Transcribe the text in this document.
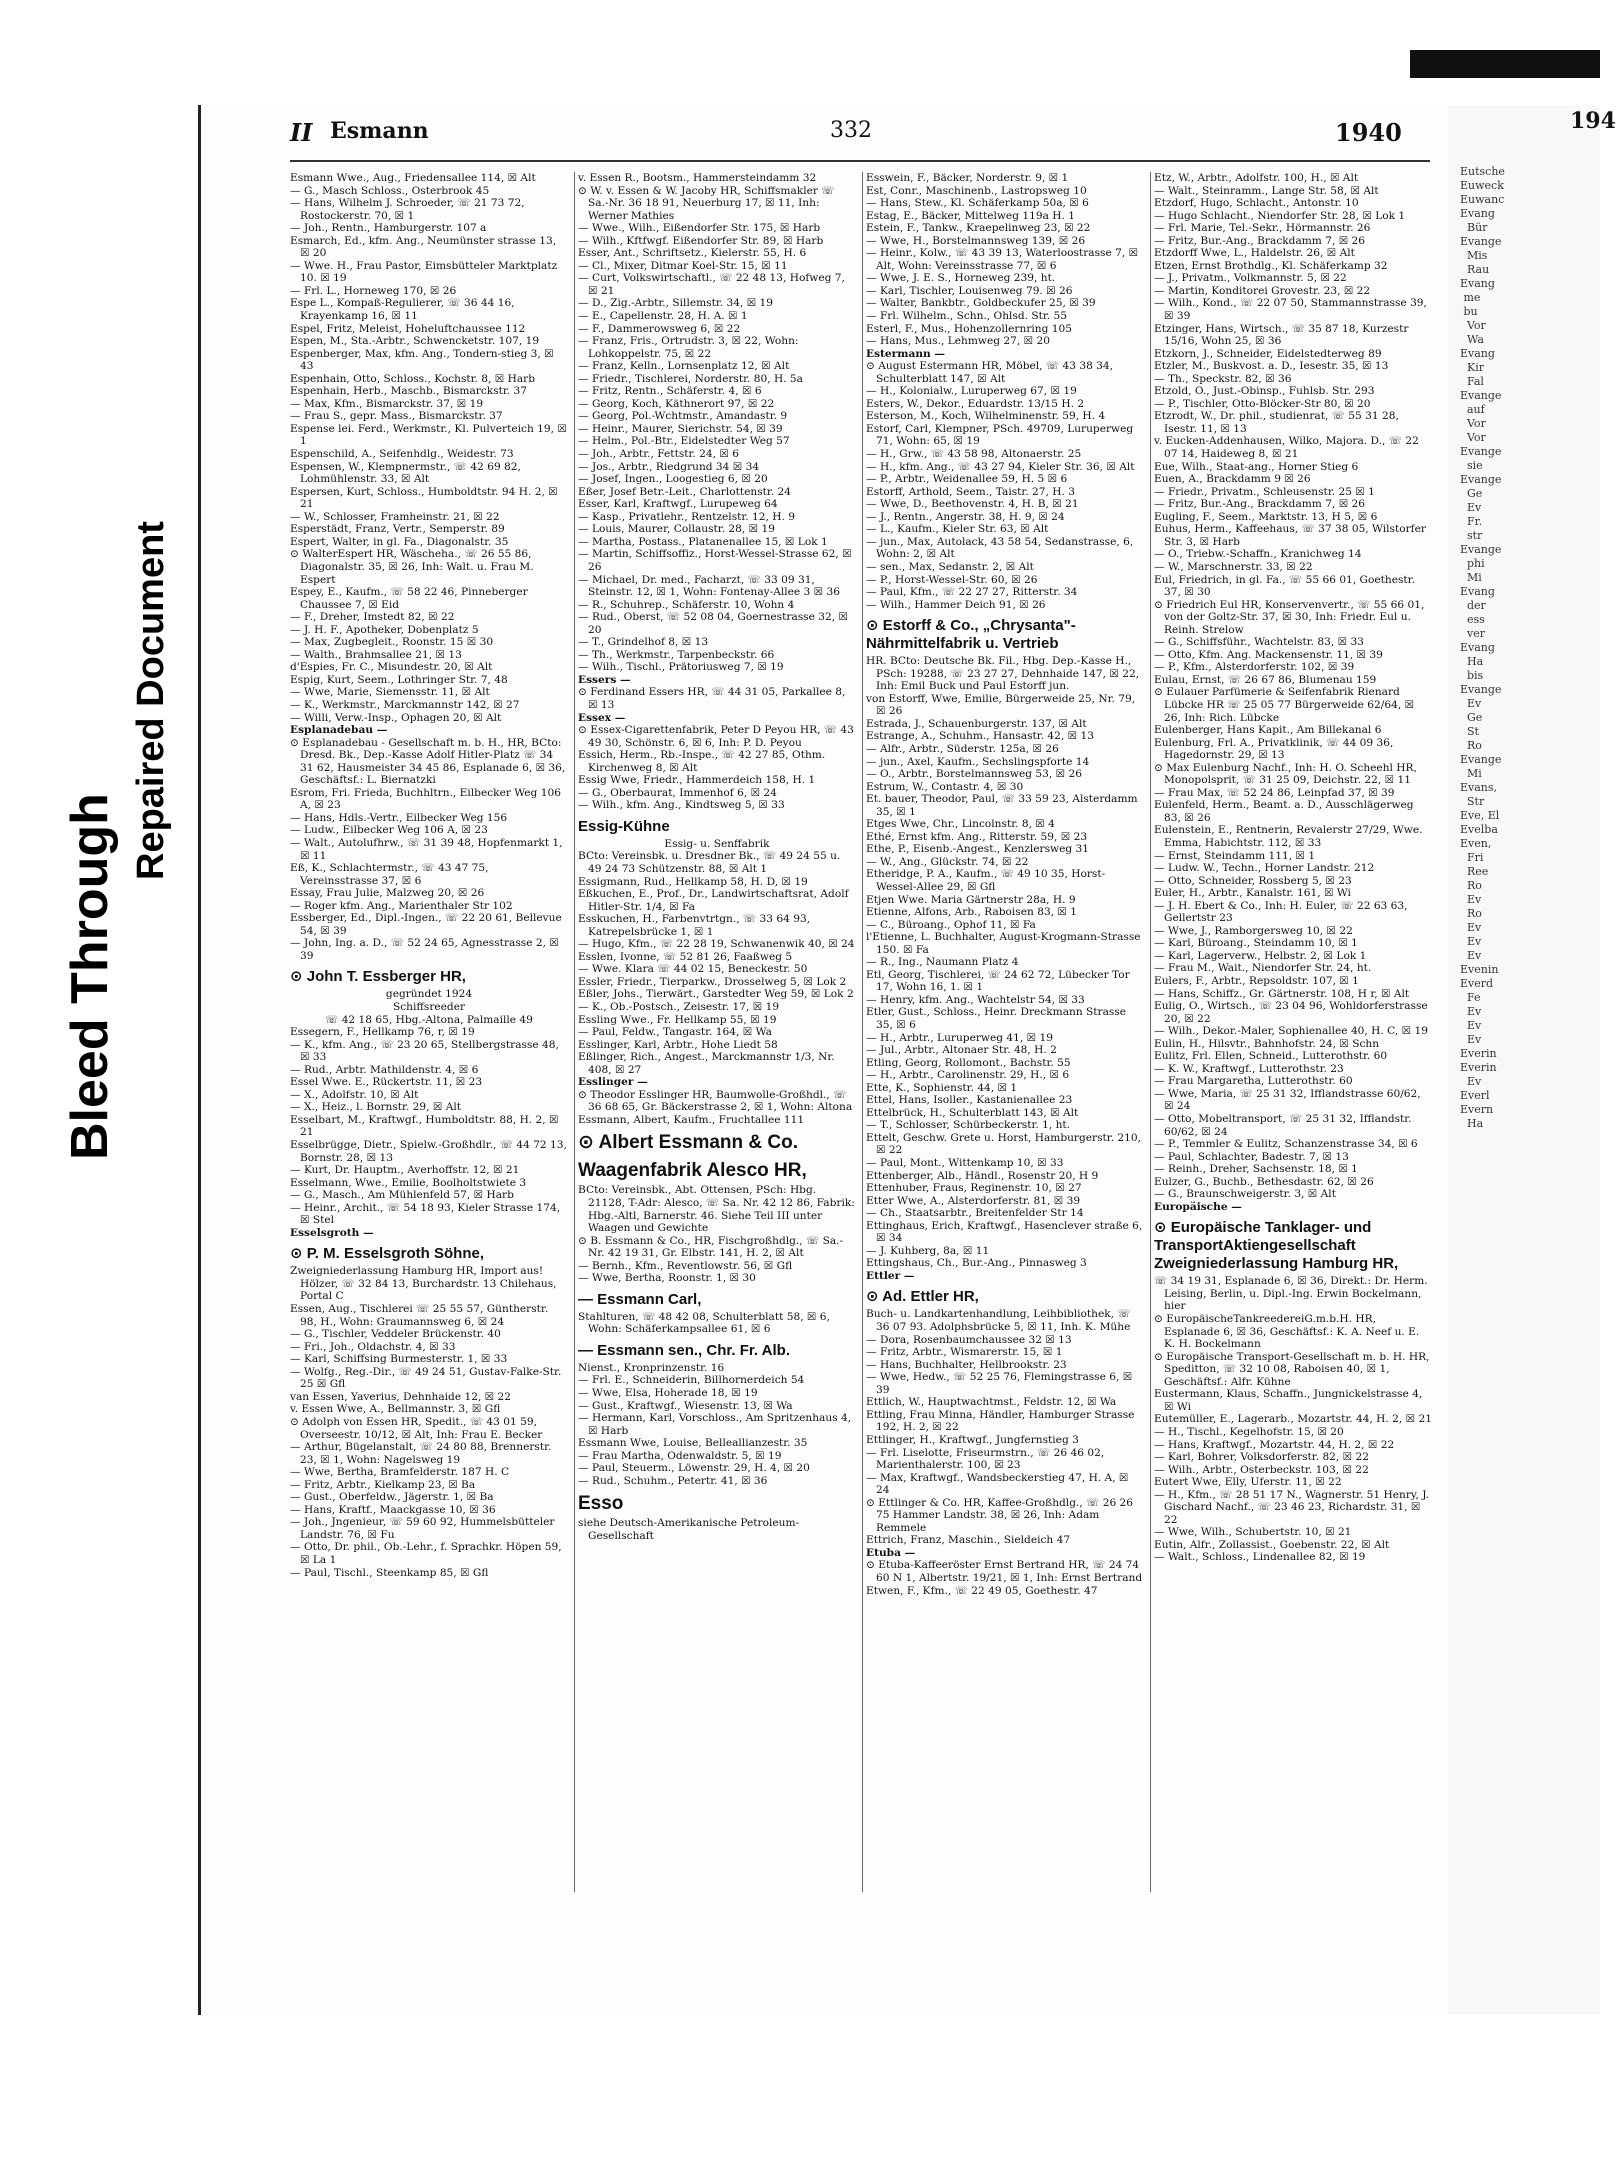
Bleed Through
Repaired Document
Eutsche
Euweck
Euwanc
Evang
Bür
Evange
Mis
Rau
Evang
me
bu
Vor
Wa
Evang
Kir
Fal
Evange
auf
Vor
Vor
Evange
sie
Evange
Ge
Ev
Fr.
str
Evange
phi
Mi
Evang
der
ess
ver
Evang
Ha
bis
Evange
Ev
Ge
St
Ro
Evange
Mi
Evans,
Str
Eve, El
Evelba
Even,
Fri
Ree
Ro
Ev
Ro
Ev
Ev
Ev
Evenin
Everd
Fe
Ev
Ev
Ev
Everin
Everin
Ev
Everl
Evern
Ha
194
II Esmann	332	1940
Esmann Wwe., Aug., Friedensallee 114, ☒ Alt
— G., Masch Schloss., Osterbrook 45
— Hans, Wilhelm J. Schroeder, ☏ 21 73 72, Rostockerstr. 70, ☒ 1
— Joh., Rentn., Hamburgerstr. 107 a
Esmarch, Ed., kfm. Ang., Neumünster strasse 13, ☒ 20
— Wwe. H., Frau Pastor, Eimsbütteler Marktplatz 10. ☒ 19
— Frl. L., Horneweg 170, ☒ 26
Espe L., Kompaß-Regulierer, ☏ 36 44 16, Krayenkamp 16, ☒ 11
Espel, Fritz, Meleist, Hoheluftchaussee 112
Espen, M., Sta.-Arbtr., Schwencketstr. 107, 19
Espenberger, Max, kfm. Ang., Tondern-stieg 3, ☒ 43
Espenhain, Otto, Schloss., Kochstr. 8, ☒ Harb
Espenhain, Herb., Maschb., Bismarckstr. 37
— Max, Kfm., Bismarckstr. 37, ☒ 19
— Frau S., gepr. Mass., Bismarckstr. 37
Espense lei. Ferd., Werkmstr., Kl. Pulverteich 19, ☒ 1
Espenschild, A., Seifenhdlg., Weidestr. 73
Espensen, W., Klempnermstr., ☏ 42 69 82, Lohmühlenstr. 33, ☒ Alt
Espersen, Kurt, Schloss., Humboldtstr. 94 H. 2, ☒ 21
— W., Schlosser, Framheinstr. 21, ☒ 22
Esperstädt, Franz, Vertr., Semperstr. 89
Espert, Walter, in gl. Fa., Diagonalstr. 35
⊙ WalterEspert HR, Wäscheha., ☏ 26 55 86, Diagonalstr. 35, ☒ 26, Inh: Walt. u. Frau M. Espert
Espey, E., Kaufm., ☏ 58 22 46, Pinneberger Chaussee 7, ☒ Eid
— F., Dreher, Imstedt 82, ☒ 22
— J. H. F., Apotheker, Dobenplatz 5
— Max, Zugbegleit., Roonstr. 15 ☒ 30
— Walth., Brahmsallee 21, ☒ 13
d'Espies, Fr. C., Misundestr. 20, ☒ Alt
Espig, Kurt, Seem., Lothringer Str. 7, 48
— Wwe, Marie, Siemensstr. 11, ☒ Alt
— K., Werkmstr., Marckmannstr 142, ☒ 27
— Willi, Verw.-Insp., Ophagen 20, ☒ Alt
Esplanadebau —
⊙ Esplanadebau - Gesellschaft m. b. H., HR, BCto: Dresd. Bk., Dep.-Kasse Adolf Hitler-Platz ☏ 34 31 62, Hausmeister 34 45 86, Esplanade 6, ☒ 36, Geschäftsf.: L. Biernatzki
Esrom, Fri. Frieda, Buchhltrn., Eilbecker Weg 106 A, ☒ 23
— Hans, Hdls.-Vertr., Eilbecker Weg 156
— Ludw., Eilbecker Weg 106 A, ☒ 23
— Walt., Autolufhrw., ☏ 31 39 48, Hopfenmarkt 1, ☒ 11
Eß, K., Schlachtermstr., ☏ 43 47 75, Vereinsstrasse 37, ☒ 6
Essay, Frau Julie, Malzweg 20, ☒ 26
— Roger kfm. Ang., Marienthaler Str 102
Essberger, Ed., Dipl.-Ingen., ☏ 22 20 61, Bellevue 54, ☒ 39
— John, Ing. a. D., ☏ 52 24 65, Agnesstrasse 2, ☒ 39
⊙ John T. Essberger HR,
gegründet 1924
Schiffsreeder
☏ 42 18 65, Hbg.-Altona, Palmaille 49
Essegern, F., Hellkamp 76, r, ☒ 19
— K., kfm. Ang., ☏ 23 20 65, Stellbergstrasse 48, ☒ 33
— Rud., Arbtr. Mathildenstr. 4, ☒ 6
Essel Wwe. E., Rückertstr. 11, ☒ 23
— X., Adolfstr. 10, ☒ Alt
— X., Heiz., l. Bornstr. 29, ☒ Alt
Esselbart, M., Kraftwgf., Humboldtstr. 88, H. 2, ☒ 21
Esselbrügge, Dietr., Spielw.-Großhdlr., ☏ 44 72 13, Bornstr. 28, ☒ 13
— Kurt, Dr. Hauptm., Averhoffstr. 12, ☒ 21
Esselmann, Wwe., Emilie, Boolholtstwiete 3
— G., Masch., Am Mühlenfeld 57, ☒ Harb
— Heinr., Archit., ☏ 54 18 93, Kieler Strasse 174, ☒ Stel
Esselsgroth —
⊙ P. M. Esselsgroth Söhne,
Zweigniederlassung Hamburg HR, Import aus! Hölzer, ☏ 32 84 13, Burchardstr. 13 Chilehaus, Portal C
Essen, Aug., Tischlerei ☏ 25 55 57, Güntherstr. 98, H., Wohn: Graumannsweg 6, ☒ 24
— G., Tischler, Veddeler Brückenstr. 40
— Fri., Joh., Oldachstr. 4, ☒ 33
— Karl, Schiffsing Burmesterstr. 1, ☒ 33
— Wolfg., Reg.-Dir., ☏ 49 24 51, Gustav-Falke-Str. 25 ☒ Gfl
van Essen, Yaverius, Dehnhaide 12, ☒ 22
v. Essen Wwe, A., Bellmannstr. 3, ☒ Gfl
⊙ Adolph von Essen HR, Spedit., ☏ 43 01 59, Overseestr. 10/12, ☒ Alt, Inh: Frau E. Becker
— Arthur, Bügelanstalt, ☏ 24 80 88, Brennerstr. 23, ☒ 1, Wohn: Nagelsweg 19
— Wwe, Bertha, Bramfelderstr. 187 H. C
— Fritz, Arbtr., Kielkamp 23, ☒ Ba
— Gust., Oberfeldw., Jägerstr. 1, ☒ Ba
— Hans, Kraftf., Maackgasse 10, ☒ 36
— Joh., Jngenieur, ☏ 59 60 92, Hummelsbütteler Landstr. 76, ☒ Fu
— Otto, Dr. phil., Ob.-Lehr., f. Sprachkr. Höpen 59, ☒ La 1
— Paul, Tischl., Steenkamp 85, ☒ Gfl
v. Essen R., Bootsm., Hammersteindamm 32
⊙ W. v. Essen & W. Jacoby HR, Schiffsmakler ☏ Sa.-Nr. 36 18 91, Neuerburg 17, ☒ 11, Inh: Werner Mathies
— Wwe., Wilh., Eißendorfer Str. 175, ☒ Harb
— Wilh., Kftfwgf. Eißendorfer Str. 89, ☒ Harb
Esser, Ant., Schriftsetz., Kielerstr. 55, H. 6
— Cl., Mixer, Ditmar Koel-Str. 15, ☒ 11
— Curt, Volkswirtschaftl., ☏ 22 48 13, Hofweg 7, ☒ 21
— D., Zig.-Arbtr., Sillemstr. 34, ☒ 19
— E., Capellenstr. 28, H. A. ☒ 1
— F., Dammerowsweg 6, ☒ 22
— Franz, Fris., Ortrudstr. 3, ☒ 22, Wohn: Lohkoppelstr. 75, ☒ 22
— Franz, Kelln., Lornsenplatz 12, ☒ Alt
— Friedr., Tischlerei, Norderstr. 80, H. 5a
— Fritz, Rentn., Schäferstr. 4, ☒ 6
— Georg, Koch, Käthnerort 97, ☒ 22
— Georg, Pol.-Wchtmstr., Amandastr. 9
— Heinr., Maurer, Sierichstr. 54, ☒ 39
— Helm., Pol.-Btr., Eidelstedter Weg 57
— Joh., Arbtr., Fettstr. 24, ☒ 6
— Jos., Arbtr., Riedgrund 34 ☒ 34
— Josef, Ingen., Loogestieg 6, ☒ 20
Eßer, Josef Betr.-Leit., Charlottenstr. 24
Esser, Karl, Kraftwgf., Lurupeweg 64
— Kasp., Privatlehr., Rentzelstr. 12, H. 9
— Louis, Maurer, Collaustr. 28, ☒ 19
— Martha, Postass., Platanenallee 15, ☒ Lok 1
— Martin, Schiffsoffiz., Horst-Wessel-Strasse 62, ☒ 26
— Michael, Dr. med., Facharzt, ☏ 33 09 31, Steinstr. 12, ☒ 1, Wohn: Fontenay-Allee 3 ☒ 36
— R., Schuhrep., Schäferstr. 10, Wohn 4
— Rud., Oberst, ☏ 52 08 04, Goernestrasse 32, ☒ 20
— T., Grindelhof 8, ☒ 13
— Th., Werkmstr., Tarpenbeckstr. 66
— Wilh., Tischl., Prätoriusweg 7, ☒ 19
Essers —
⊙ Ferdinand Essers HR, ☏ 44 31 05, Parkallee 8, ☒ 13
Essex —
⊙ Essex-Cigarettenfabrik, Peter D Peyou HR, ☏ 43 49 30, Schönstr. 6, ☒ 6, Inh: P. D. Peyou
Essich, Herm., Rb.-Inspe., ☏ 42 27 85, Othm. Kirchenweg 8, ☒ Alt
Essig Wwe, Friedr., Hammerdeich 158, H. 1
— G., Oberbaurat, Immenhof 6, ☒ 24
— Wilh., kfm. Ang., Kindtsweg 5, ☒ 33
Essig-Kühne
Essig- u. Senffabrik
BCto: Vereinsbk. u. Dresdner Bk., ☏ 49 24 55 u. 49 24 73 Schützenstr. 88, ☒ Alt 1
Essigmann, Rud., Hellkamp 58, H. D, ☒ 19
Eßkuchen, E., Prof., Dr., Landwirtschaftsrat, Adolf Hitler-Str. 1/4, ☒ Fa
Esskuchen, H., Farbenvtrtgn., ☏ 33 64 93, Katrepelsbrücke 1, ☒ 1
— Hugo, Kfm., ☏ 22 28 19, Schwanenwik 40, ☒ 24
Esslen, Ivonne, ☏ 52 81 26, Faaßweg 5
— Wwe. Klara ☏ 44 02 15, Beneckestr. 50
Essler, Friedr., Tierparkw., Drosselweg 5, ☒ Lok 2
Eßler, Johs., Tierwärt., Garstedter Weg 59, ☒ Lok 2
— K., Ob.-Postsch., Zeisestr. 17, ☒ 19
Essling Wwe., Fr. Hellkamp 55, ☒ 19
— Paul, Feldw., Tangastr. 164, ☒ Wa
Esslinger, Karl, Arbtr., Hohe Liedt 58
Eßlinger, Rich., Angest., Marckmannstr 1/3, Nr. 408, ☒ 27
Esslinger —
⊙ Theodor Esslinger HR, Baumwolle-Großhdl., ☏ 36 68 65, Gr. Bäckerstrasse 2, ☒ 1, Wohn: Altona
Essmann, Albert, Kaufm., Fruchtallee 111
⊙ Albert Essmann & Co.
Waagenfabrik Alesco HR,
BCto: Vereinsbk., Abt. Ottensen, PSch: Hbg. 21128, T-Adr: Alesco, ☏ Sa. Nr. 42 12 86, Fabrik: Hbg.-Altl, Barnerstr. 46. Siehe Teil III unter Waagen und Gewichte
⊙ B. Essmann & Co., HR, Fischgroßhdlg., ☏ Sa.-Nr. 42 19 31, Gr. Elbstr. 141, H. 2, ☒ Alt
— Bernh., Kfm., Reventlowstr. 56, ☒ Gfl
— Wwe, Bertha, Roonstr. 1, ☒ 30
— Essmann Carl,
Stahlturen, ☏ 48 42 08, Schulterblatt 58, ☒ 6, Wohn: Schäferkampsallee 61, ☒ 6
— Essmann sen., Chr. Fr. Alb.
Nienst., Kronprinzenstr. 16
— Frl. E., Schneiderin, Billhornerdeich 54
— Wwe, Elsa, Hoherade 18, ☒ 19
— Gust., Kraftwgf., Wiesenstr. 13, ☒ Wa
— Hermann, Karl, Vorschloss., Am Spritzenhaus 4, ☒ Harb
Essmann Wwe, Louise, Belleallianzestr. 35
— Frau Martha, Odenwaldstr. 5, ☒ 19
— Paul, Steuerm., Löwenstr. 29, H. 4, ☒ 20
— Rud., Schuhm., Petertr. 41, ☒ 36
Esso
siehe Deutsch-Amerikanische Petroleum-Gesellschaft
Esswein, F., Bäcker, Norderstr. 9, ☒ 1
Est, Conr., Maschinenb., Lastropsweg 10
— Hans, Stew., Kl. Schäferkamp 50a, ☒ 6
Estag, E., Bäcker, Mittelweg 119a H. 1
Estein, F., Tankw., Kraepelinweg 23, ☒ 22
— Wwe, H., Borstelmannsweg 139, ☒ 26
— Heinr., Kolw., ☏ 43 39 13, Waterloostrasse 7, ☒ Alt, Wohn: Vereinsstrasse 77, ☒ 6
— Wwe, J. E. S., Horneweg 239, ht.
— Karl, Tischler, Louisenweg 79. ☒ 26
— Walter, Bankbtr., Goldbeckufer 25, ☒ 39
— Frl. Wilhelm., Schn., Ohlsd. Str. 55
Esterl, F., Mus., Hohenzollernring 105
— Hans, Mus., Lehmweg 27, ☒ 20
Estermann —
⊙ August Estermann HR, Möbel, ☏ 43 38 34, Schulterblatt 147, ☒ Alt
— H., Kolonialw., Luruperweg 67, ☒ 19
Esters, W., Dekor., Eduardstr. 13/15 H. 2
Esterson, M., Koch, Wilhelminenstr. 59, H. 4
Estorf, Carl, Klempner, PSch. 49709, Luruperweg 71, Wohn: 65, ☒ 19
— H., Grw., ☏ 43 58 98, Altonaerstr. 25
— H., kfm. Ang., ☏ 43 27 94, Kieler Str. 36, ☒ Alt
— P., Arbtr., Weidenallee 59, H. 5 ☒ 6
Estorff, Arthold, Seem., Taistr. 27, H. 3
— Wwe, D., Beethovenstr. 4, H. B, ☒ 21
— J., Rentn., Angerstr. 38, H. 9, ☒ 24
— L., Kaufm., Kieler Str. 63, ☒ Alt
— jun., Max, Autolack, 43 58 54, Sedanstrasse, 6, Wohn: 2, ☒ Alt
— sen., Max, Sedanstr. 2, ☒ Alt
— P., Horst-Wessel-Str. 60, ☒ 26
— Paul, Kfm., ☏ 22 27 27, Ritterstr. 34
— Wilh., Hammer Deich 91, ☒ 26
⊙ Estorff & Co., „Chrysanta"-Nährmittelfabrik u. Vertrieb
HR. BCto: Deutsche Bk. Fil., Hbg. Dep.-Kasse H., PSch: 19288, ☏ 23 27 27, Dehnhaide 147, ☒ 22, Inh: Emil Buck und Paul Estorff jun.
von Estorff, Wwe, Emilie, Bürgerweide 25, Nr. 79, ☒ 26
Estrada, J., Schauenburgerstr. 137, ☒ Alt
Estrange, A., Schuhm., Hansastr. 42, ☒ 13
— Alfr., Arbtr., Süderstr. 125a, ☒ 26
— jun., Axel, Kaufm., Sechslingspforte 14
— O., Arbtr., Borstelmannsweg 53, ☒ 26
Estrum, W., Contastr. 4, ☒ 30
Et. bauer, Theodor, Paul, ☏ 33 59 23, Alsterdamm 35, ☒ 1
Etges Wwe, Chr., Lincolnstr. 8, ☒ 4
Ethé, Ernst kfm. Ang., Ritterstr. 59, ☒ 23
Ethe, P., Eisenb.-Angest., Kenzlersweg 31
— W., Ang., Glückstr. 74, ☒ 22
Etheridge, P. A., Kaufm., ☏ 49 10 35, Horst-Wessel-Allee 29, ☒ Gfl
Etjen Wwe. Maria Gärtnerstr 28a, H. 9
Etienne, Alfons, Arb., Raboisen 83, ☒ 1
— C., Büroang., Ophof 11, ☒ Fa
l'Etienne, L. Buchhalter, August-Krogmann-Strasse 150. ☒ Fa
— R., Ing., Naumann Platz 4
Etl, Georg, Tischlerei, ☏ 24 62 72, Lübecker Tor 17, Wohn 16, 1. ☒ 1
— Henry, kfm. Ang., Wachtelstr 54, ☒ 33
Etler, Gust., Schloss., Heinr. Dreckmann Strasse 35, ☒ 6
— H., Arbtr., Luruperweg 41, ☒ 19
— Jul., Arbtr., Altonaer Str. 48, H. 2
Etling, Georg, Rollomont., Bachstr. 55
— H., Arbtr., Carolinenstr. 29, H., ☒ 6
Ette, K., Sophienstr. 44, ☒ 1
Ettel, Hans, Isoller., Kastanienallee 23
Ettelbrück, H., Schulterblatt 143, ☒ Alt
— T., Schlosser, Schürbeckerstr. 1, ht.
Ettelt, Geschw. Grete u. Horst, Hamburgerstr. 210, ☒ 22
— Paul, Mont., Wittenkamp 10, ☒ 33
Ettenberger, Alb., Händl., Rosenstr 20, H 9
Ettenhuber, Fraus, Reginenstr. 10, ☒ 27
Etter Wwe, A., Alsterdorferstr. 81, ☒ 39
— Ch., Staatsarbtr., Breitenfelder Str 14
Ettinghaus, Erich, Kraftwgf., Hasenclever straße 6, ☒ 34
— J. Kuhberg, 8a, ☒ 11
Ettingshaus, Ch., Bur.-Ang., Pinnasweg 3
Ettler —
⊙ Ad. Ettler HR,
Buch- u. Landkartenhandlung, Leihbibliothek, ☏ 36 07 93. Adolphsbrücke 5, ☒ 11, Inh. K. Mühe
— Dora, Rosenbaumchaussee 32 ☒ 13
— Fritz, Arbtr., Wismarerstr. 15, ☒ 1
— Hans, Buchhalter, Hellbrookstr. 23
— Wwe, Hedw., ☏ 52 25 76, Flemingstrasse 6, ☒ 39
Ettlich, W., Hauptwachtmst., Feldstr. 12, ☒ Wa
Ettling, Frau Minna, Händler, Hamburger Strasse 192, H. 2, ☒ 22
Ettlinger, H., Kraftwgf., Jungfernstieg 3
— Frl. Liselotte, Friseurmstrn., ☏ 26 46 02, Marienthalerstr. 100, ☒ 23
— Max, Kraftwgf., Wandsbeckerstieg 47, H. A, ☒ 24
⊙ Ettlinger & Co. HR, Kaffee-Großhdlg., ☏ 26 26 75 Hammer Landstr. 38, ☒ 26, Inh: Adam Remmele
Ettrich, Franz, Maschin., Sieldeich 47
Etuba —
⊙ Etuba-Kaffeeröster Ernst Bertrand HR, ☏ 24 74 60 N 1, Albertstr. 19/21, ☒ 1, Inh: Ernst Bertrand
Etwen, F., Kfm., ☏ 22 49 05, Goethestr. 47
Etz, W., Arbtr., Adolfstr. 100, H., ☒ Alt
— Walt., Steinramm., Lange Str. 58, ☒ Alt
Etzdorf, Hugo, Schlacht., Antonstr. 10
— Hugo Schlacht., Niendorfer Str. 28, ☒ Lok 1
— Frl. Marie, Tel.-Sekr., Hörmannstr. 26
— Fritz, Bur.-Ang., Brackdamm 7, ☒ 26
Etzdorff Wwe, L., Haldelstr. 26, ☒ Alt
Etzen, Ernst Brothdlg., Kl. Schäferkamp 32
— J., Privatm., Volkmannstr. 5, ☒ 22
— Martin, Konditorei Grovestr. 23, ☒ 22
— Wilh., Kond., ☏ 22 07 50, Stammannstrasse 39, ☒ 39
Etzinger, Hans, Wirtsch., ☏ 35 87 18, Kurzestr 15/16, Wohn 25, ☒ 36
Etzkorn, J., Schneider, Eidelstedterweg 89
Etzler, M., Buskvost. a. D., Iesestr. 35, ☒ 13
— Th., Speckstr. 82, ☒ 36
Etzold, O., Just.-Obinsp., Fuhlsb. Str. 293
— P., Tischler, Otto-Blöcker-Str 80, ☒ 20
Etzrodt, W., Dr. phil., studienrat, ☏ 55 31 28, Isestr. 11, ☒ 13
v. Eucken-Addenhausen, Wilko, Majora. D., ☏ 22 07 14, Haideweg 8, ☒ 21
Eue, Wilh., Staat-ang., Horner Stieg 6
Euen, A., Brackdamm 9 ☒ 26
— Friedr., Privatm., Schleusenstr. 25 ☒ 1
— Fritz, Bur.-Ang., Brackdamm 7, ☒ 26
Eugling, F., Seem., Marktstr. 13, H 5, ☒ 6
Euhus, Herm., Kaffeehaus, ☏ 37 38 05, Wilstorfer Str. 3, ☒ Harb
— O., Triebw.-Schaffn., Kranichweg 14
— W., Marschnerstr. 33, ☒ 22
Eul, Friedrich, in gl. Fa., ☏ 55 66 01, Goethestr. 37, ☒ 30
⊙ Friedrich Eul HR, Konservenvertr., ☏ 55 66 01, von der Goltz-Str. 37, ☒ 30, Inh: Friedr. Eul u. Reinh. Strelow
— G., Schiffsführ., Wachtelstr. 83, ☒ 33
— Otto, Kfm. Ang. Mackensenstr. 11, ☒ 39
— P., Kfm., Alsterdorferstr. 102, ☒ 39
Eulau, Ernst, ☏ 26 67 86, Blumenau 159
⊙ Eulauer Parfümerie & Seifenfabrik Rienard Lübcke HR ☏ 25 05 77 Bürgerweide 62/64, ☒ 26, Inh: Rich. Lübcke
Eulenberger, Hans Kapit., Am Billekanal 6
Eulenburg, Frl. A., Privatklinik, ☏ 44 09 36, Hagedornstr. 29, ☒ 13
⊙ Max Eulenburg Nachf., Inh: H. O. Scheehl HR, Monopolsprit, ☏ 31 25 09, Deichstr. 22, ☒ 11
— Frau Max, ☏ 52 24 86, Leinpfad 37, ☒ 39
Eulenfeld, Herm., Beamt. a. D., Ausschlägerweg 83, ☒ 26
Eulenstein, E., Rentnerin, Revalerstr 27/29, Wwe. Emma, Habichtstr. 112, ☒ 33
— Ernst, Steindamm 111, ☒ 1
— Ludw. W., Techn., Horner Landstr. 212
— Otto, Schneider, Rossberg 5, ☒ 23
Euler, H., Arbtr., Kanalstr. 161, ☒ Wi
— J. H. Ebert & Co., Inh: H. Euler, ☏ 22 63 63, Gellertstr 23
— Wwe, J., Ramborgersweg 10, ☒ 22
— Karl, Büroang., Steindamm 10, ☒ 1
— Karl, Lagerverw., Helbstr. 2, ☒ Lok 1
— Frau M., Wait., Niendorfer Str. 24, ht.
Eulers, F., Arbtr., Repsoldstr. 107, ☒ 1
— Hans, Schiffz., Gr. Gärtnerstr. 108, H r, ☒ Alt
Eulig, O., Wirtsch., ☏ 23 04 96, Wohldorferstrasse 20, ☒ 22
— Wilh., Dekor.-Maler, Sophienallee 40, H. C, ☒ 19
Eulin, H., Hilsvtr., Bahnhofstr. 24, ☒ Schn
Eulitz, Frl. Ellen, Schneid., Lutterothstr. 60
— K. W., Kraftwgf., Lutterothstr. 23
— Frau Margaretha, Lutterothstr. 60
— Wwe, Maria, ☏ 25 31 32, Ifflandstrasse 60/62, ☒ 24
— Otto, Mobeltransport, ☏ 25 31 32, Ifflandstr. 60/62, ☒ 24
— P., Temmler & Eulitz, Schanzenstrasse 34, ☒ 6
— Paul, Schlachter, Badestr. 7, ☒ 13
— Reinh., Dreher, Sachsenstr. 18, ☒ 1
Eulzer, G., Buchb., Bethesdastr. 62, ☒ 26
— G., Braunschweigerstr. 3, ☒ Alt
Europäische —
⊙ Europäische Tanklager- und TransportAktiengesellschaft Zweigniederlassung Hamburg HR,
☏ 34 19 31, Esplanade 6, ☒ 36, Direkt.: Dr. Herm. Leising, Berlin, u. Dipl.-Ing. Erwin Bockelmann, hier
⊙ EuropäischeTankreedereiG.m.b.H. HR, Esplanade 6, ☒ 36, Geschäftsf.: K. A. Neef u. E. K. H. Bockelmann
⊙ Europäische Transport-Gesellschaft m. b. H. HR, Speditton, ☏ 32 10 08, Raboisen 40, ☒ 1, Geschäftsf.: Alfr. Kühne
Eustermann, Klaus, Schaffn., Jungnickelstrasse 4, ☒ Wi
Eutemüller, E., Lagerarb., Mozartstr. 44, H. 2, ☒ 21
— H., Tischl., Kegelhofstr. 15, ☒ 20
— Hans, Kraftwgf., Mozartstr. 44, H. 2, ☒ 22
— Karl, Bohrer, Volksdorferstr. 82, ☒ 22
— Wilh., Arbtr., Osterbeckstr. 103, ☒ 22
Eutert Wwe, Elly, Uferstr. 11, ☒ 22
— H., Kfm., ☏ 28 51 17 N., Wagnerstr. 51 Henry, J. Gischard Nachf., ☏ 23 46 23, Richardstr. 31, ☒ 22
— Wwe, Wilh., Schubertstr. 10, ☒ 21
Eutin, Alfr., Zollassist., Goebenstr. 22, ☒ Alt
— Walt., Schloss., Lindenallee 82, ☒ 19
